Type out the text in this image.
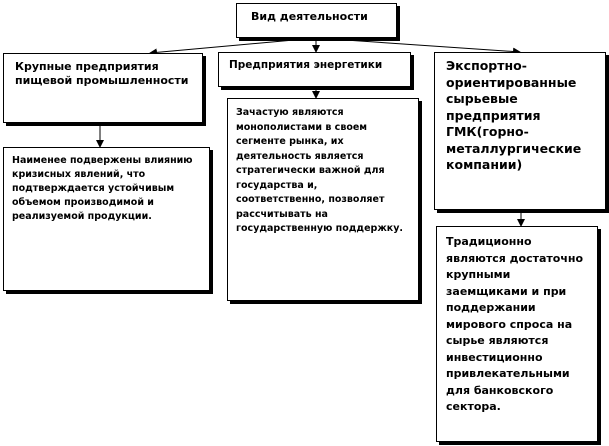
Вид деятельности
Крупные предприятия
пищевой промышленности
Наименее подвержены влиянию
кризисных явлений, что
подтверждается устойчивым
объемом производимой и
реализуемой продукции.
Предприятия энергетики
Зачастую являются
монополистами в своем
сегменте рынка, их
деятельность является
стратегически важной для
государства и,
соответственно, позволяет
рассчитывать на
государственную поддержку.
Экспортно-
ориентированные
сырьевые
предприятия
ГМК(горно-
металлургические
компании)
Традиционно
являются достаточно
крупными
заемщиками и при
поддержании
мирового спроса на
сырье являются
инвестиционно
привлекательными
для банковского
сектора.
